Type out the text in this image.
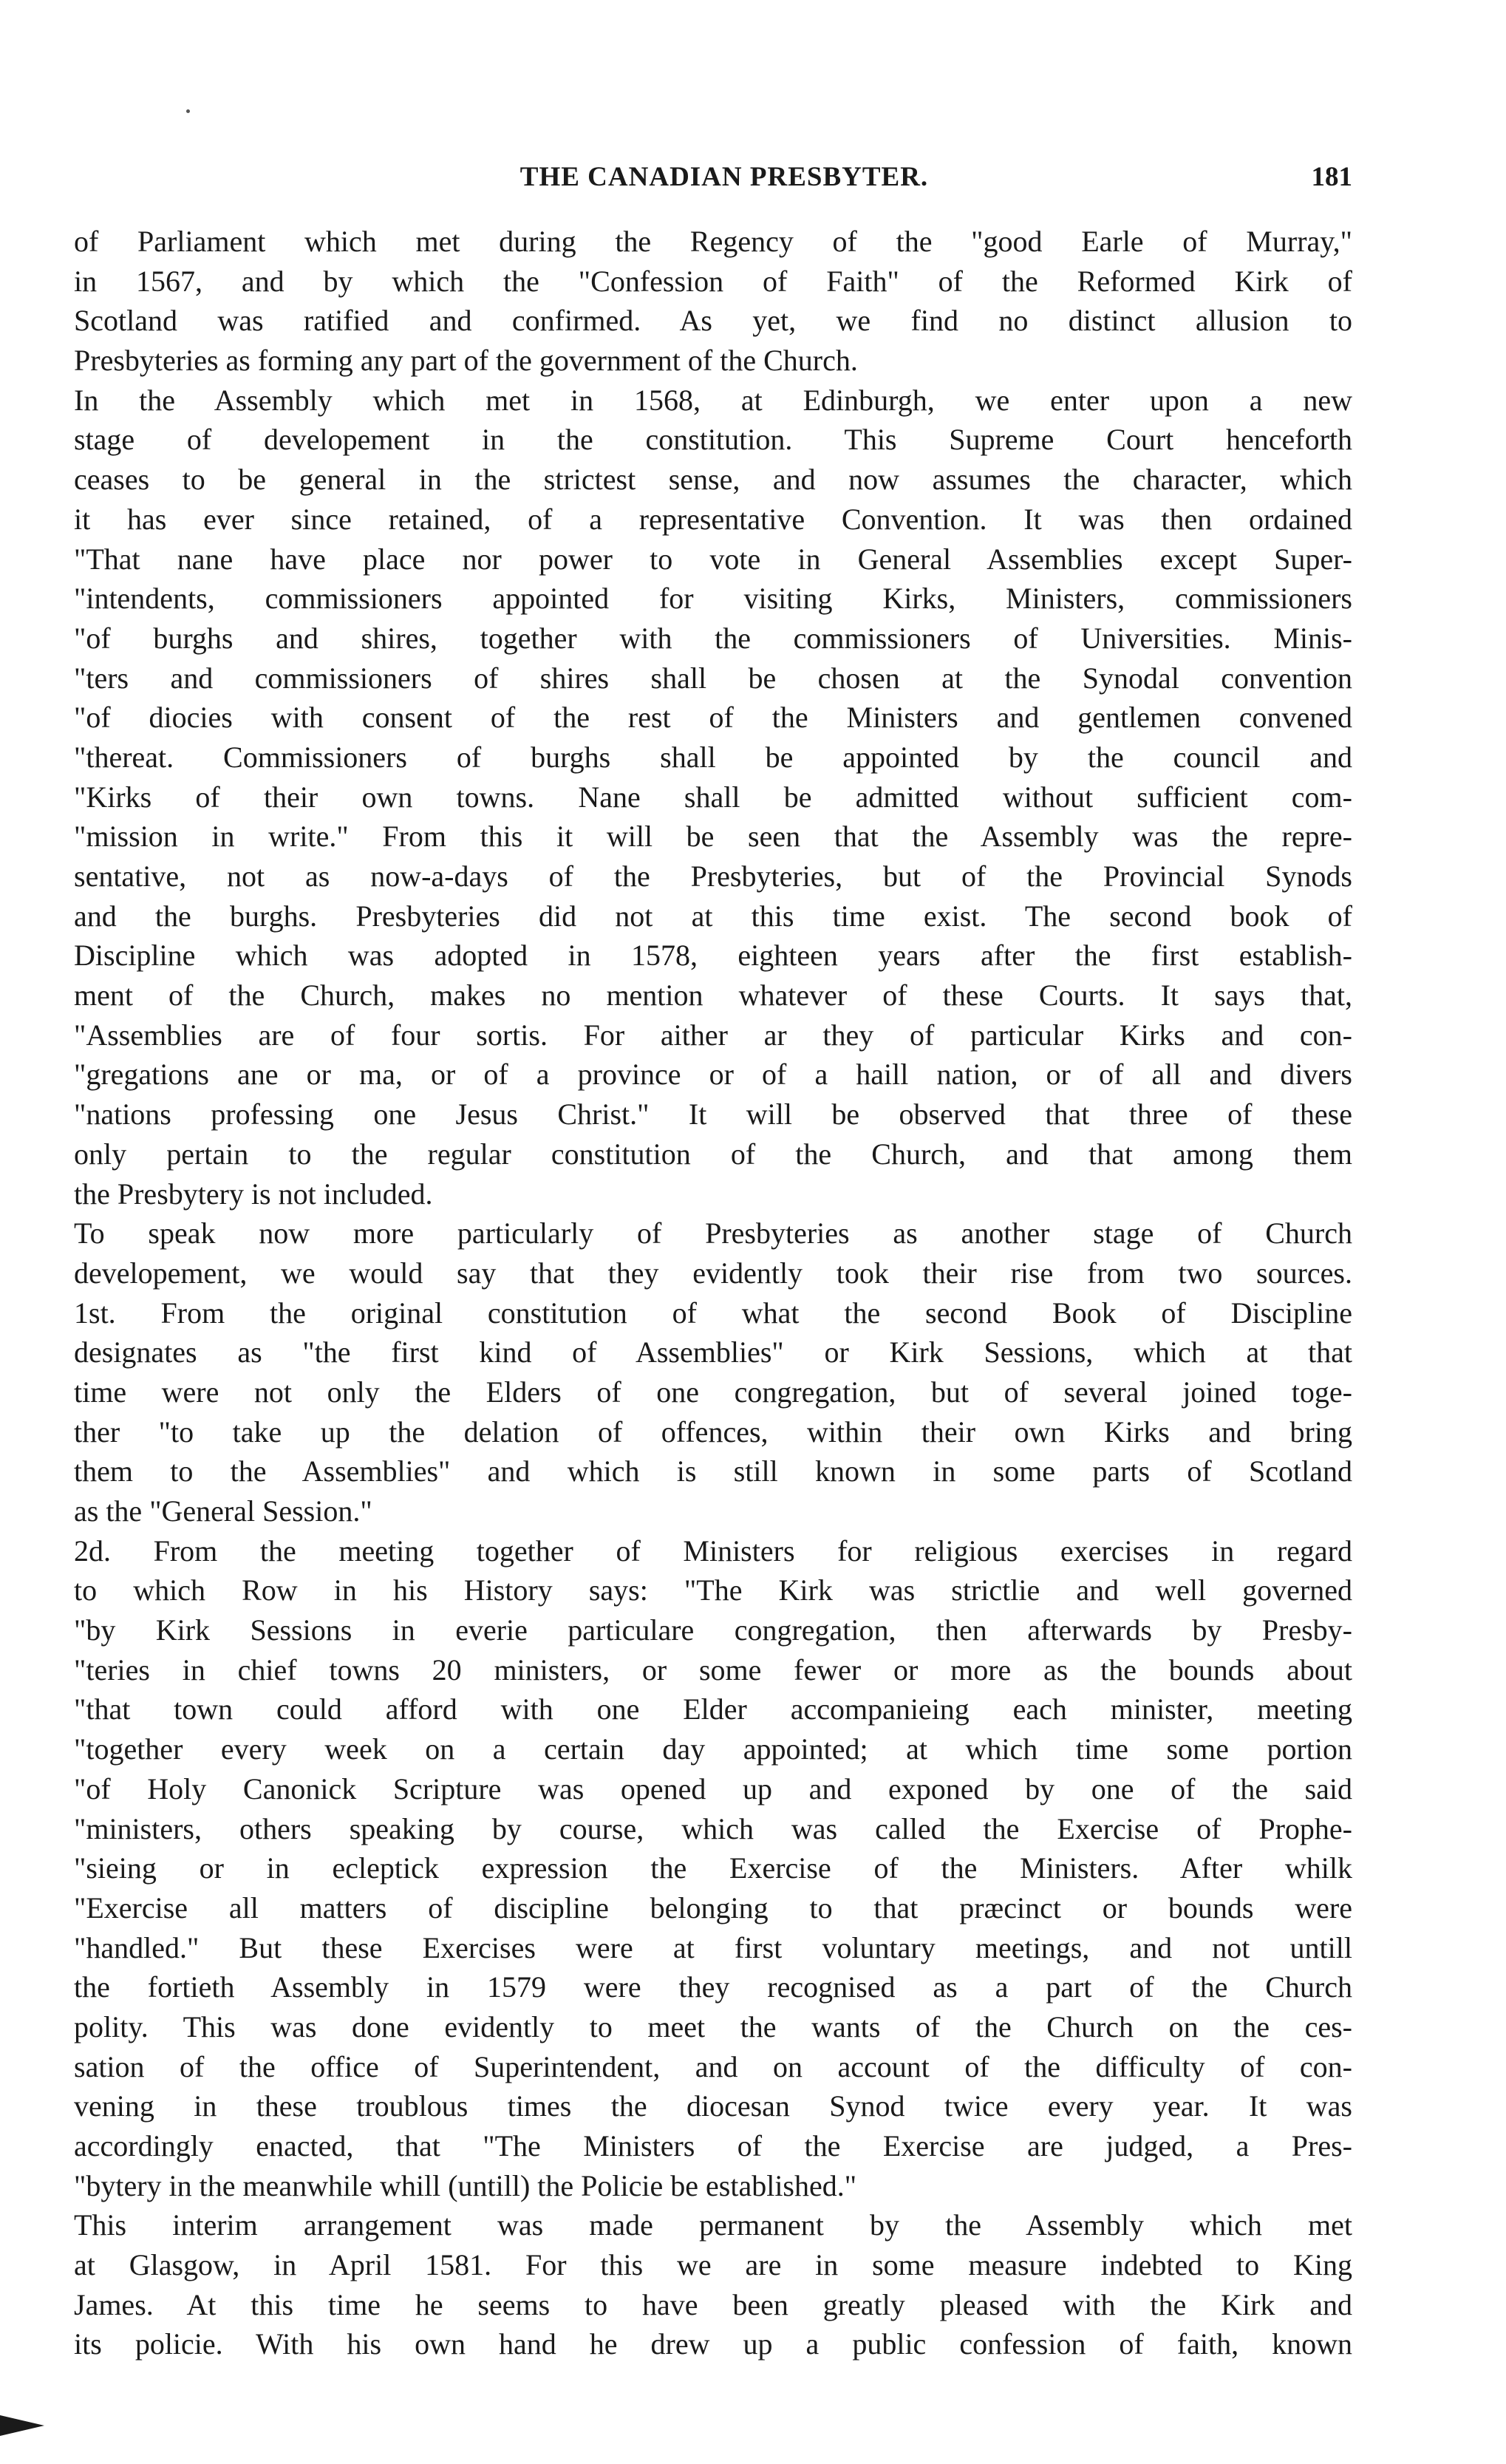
THE CANADIAN PRESBYTER.	181
of Parliament which met during the Regency of the "good Earle of Murray,"
in 1567, and by which the "Confession of Faith" of the Reformed Kirk of
Scotland was ratified and confirmed. As yet, we find no distinct allusion to
Presbyteries as forming any part of the government of the Church.
In the Assembly which met in 1568, at Edinburgh, we enter upon a new
stage of developement in the constitution. This Supreme Court henceforth
ceases to be general in the strictest sense, and now assumes the character, which
it has ever since retained, of a representative Convention. It was then ordained
"That nane have place nor power to vote in General Assemblies except Super-
"intendents, commissioners appointed for visiting Kirks, Ministers, commissioners
"of burghs and shires, together with the commissioners of Universities. Minis-
"ters and commissioners of shires shall be chosen at the Synodal convention
"of diocies with consent of the rest of the Ministers and gentlemen convened
"thereat. Commissioners of burghs shall be appointed by the council and
"Kirks of their own towns. Nane shall be admitted without sufficient com-
"mission in write." From this it will be seen that the Assembly was the repre-
sentative, not as now-a-days of the Presbyteries, but of the Provincial Synods
and the burghs. Presbyteries did not at this time exist. The second book of
Discipline which was adopted in 1578, eighteen years after the first establish-
ment of the Church, makes no mention whatever of these Courts. It says that,
"Assemblies are of four sortis. For aither ar they of particular Kirks and con-
"gregations ane or ma, or of a province or of a haill nation, or of all and divers
"nations professing one Jesus Christ." It will be observed that three of these
only pertain to the regular constitution of the Church, and that among them
the Presbytery is not included.
To speak now more particularly of Presbyteries as another stage of Church
developement, we would say that they evidently took their rise from two sources.
1st. From the original constitution of what the second Book of Discipline
designates as "the first kind of Assemblies" or Kirk Sessions, which at that
time were not only the Elders of one congregation, but of several joined toge-
ther "to take up the delation of offences, within their own Kirks and bring
them to the Assemblies" and which is still known in some parts of Scotland
as the "General Session."
2d. From the meeting together of Ministers for religious exercises in regard
to which Row in his History says: "The Kirk was strictlie and well governed
"by Kirk Sessions in everie particulare congregation, then afterwards by Presby-
"teries in chief towns 20 ministers, or some fewer or more as the bounds about
"that town could afford with one Elder accompanieing each minister, meeting
"together every week on a certain day appointed; at which time some portion
"of Holy Canonick Scripture was opened up and exponed by one of the said
"ministers, others speaking by course, which was called the Exercise of Prophe-
"sieing or in ecleptick expression the Exercise of the Ministers. After whilk
"Exercise all matters of discipline belonging to that præcinct or bounds were
"handled." But these Exercises were at first voluntary meetings, and not untill
the fortieth Assembly in 1579 were they recognised as a part of the Church
polity. This was done evidently to meet the wants of the Church on the ces-
sation of the office of Superintendent, and on account of the difficulty of con-
vening in these troublous times the diocesan Synod twice every year. It was
accordingly enacted, that "The Ministers of the Exercise are judged, a Pres-
"bytery in the meanwhile whill (untill) the Policie be established."
This interim arrangement was made permanent by the Assembly which met
at Glasgow, in April 1581. For this we are in some measure indebted to King
James. At this time he seems to have been greatly pleased with the Kirk and
its policie. With his own hand he drew up a public confession of faith, known
